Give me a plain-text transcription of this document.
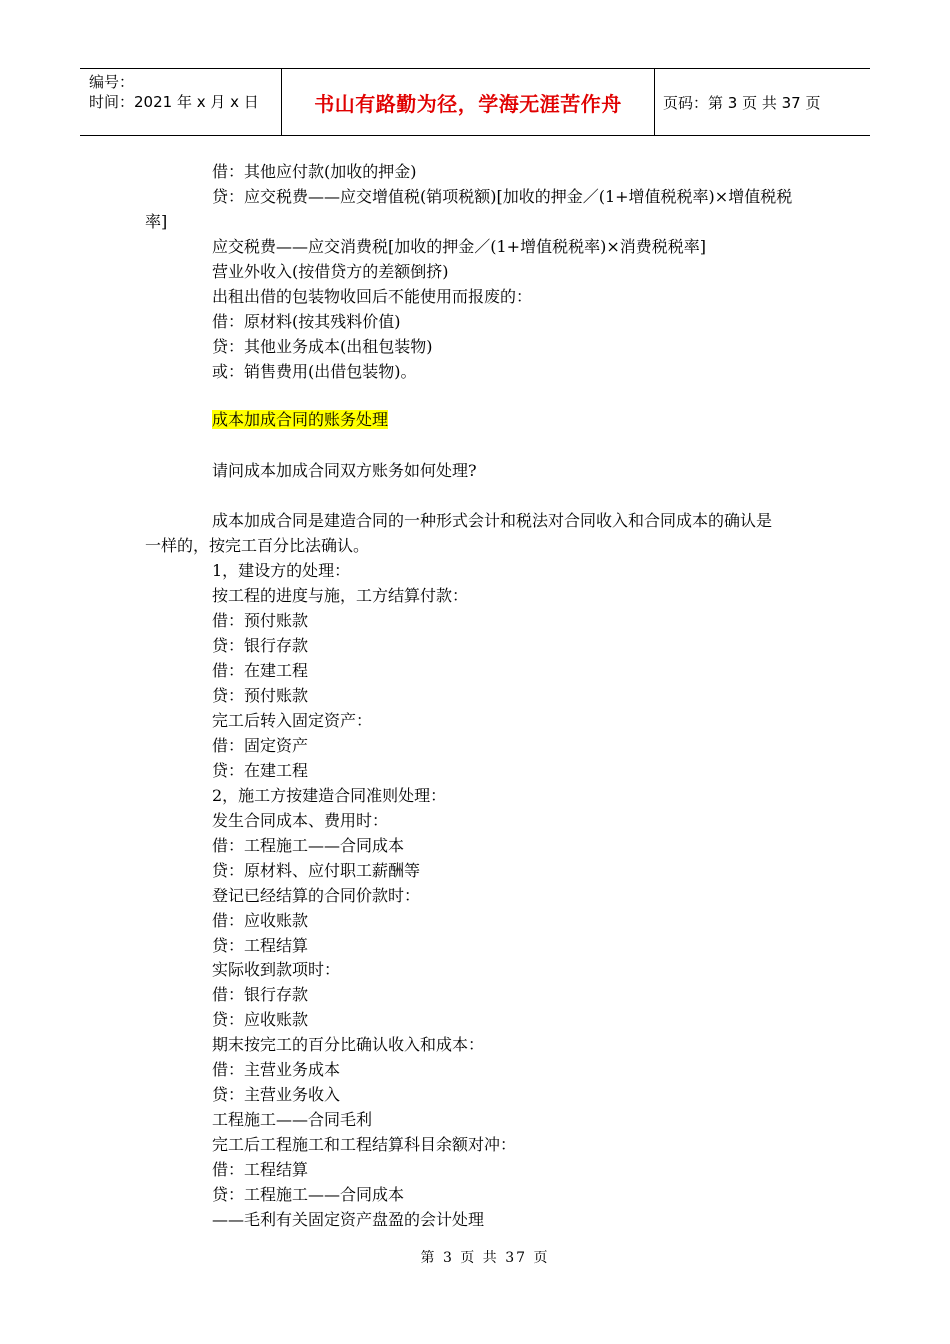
编号：
时间：2021 年 x 月 x 日	书山有路勤为径，学海无涯苦作舟	页码：第 3 页 共 37 页
借：其他应付款(加收的押金)
贷：应交税费——应交增值税(销项税额)[加收的押金／(1+增值税税率)×增值税税
率]
应交税费——应交消费税[加收的押金／(1+增值税税率)×消费税税率]
营业外收入(按借贷方的差额倒挤)
出租出借的包装物收回后不能使用而报废的：
借：原材料(按其残料价值)
贷：其他业务成本(出租包装物)
或：销售费用(出借包装物)。
成本加成合同的账务处理
请问成本加成合同双方账务如何处理?
成本加成合同是建造合同的一种形式会计和税法对合同收入和合同成本的确认是
一样的，按完工百分比法确认。
1，建设方的处理：
按工程的进度与施，工方结算付款：
借：预付账款
贷：银行存款
借：在建工程
贷：预付账款
完工后转入固定资产：
借：固定资产
贷：在建工程
2，施工方按建造合同准则处理：
发生合同成本、费用时：
借：工程施工——合同成本
贷：原材料、应付职工薪酬等
登记已经结算的合同价款时：
借：应收账款
贷：工程结算
实际收到款项时：
借：银行存款
贷：应收账款
期末按完工的百分比确认收入和成本：
借：主营业务成本
贷：主营业务收入
工程施工——合同毛利
完工后工程施工和工程结算科目余额对冲：
借：工程结算
贷：工程施工——合同成本
——毛利有关固定资产盘盈的会计处理
第 3 页 共 37 页
